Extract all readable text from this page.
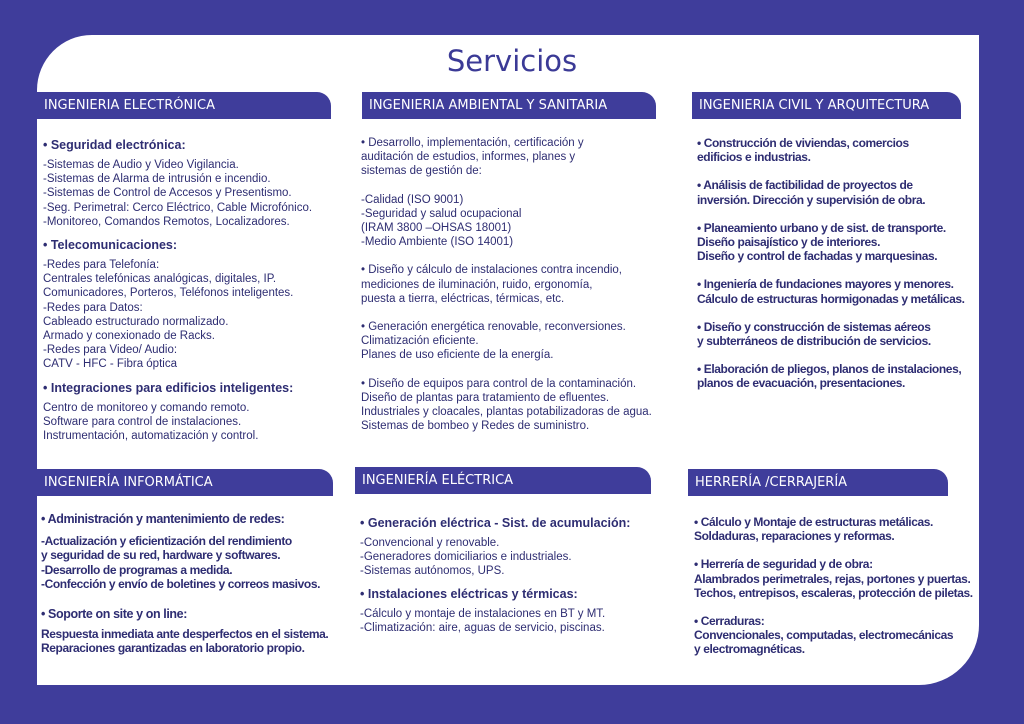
Servicios
INGENIERIA ELECTRÓNICA	INGENIERIA AMBIENTAL Y SANITARIA	INGENIERIA CIVIL Y ARQUITECTURA
INGENIERÍA INFORMÁTICA	INGENIERÍA ELÉCTRICA	HERRERÍA /CERRAJERÍA
• Seguridad electrónica:
-Sistemas de Audio y Video Vigilancia.
-Sistemas de Alarma de intrusión e incendio.
-Sistemas de Control de Accesos y Presentismo.
-Seg. Perimetral: Cerco Eléctrico, Cable Microfónico.
-Monitoreo, Comandos Remotos, Localizadores.
• Telecomunicaciones:
-Redes para Telefonía:
Centrales telefónicas analógicas, digitales, IP.
Comunicadores, Porteros, Teléfonos inteligentes.
-Redes para Datos:
Cableado estructurado normalizado.
Armado y conexionado de Racks.
-Redes para Video/ Audio:
CATV - HFC - Fibra óptica
• Integraciones para edificios inteligentes:
Centro de monitoreo y comando remoto.
Software para control de instalaciones.
Instrumentación, automatización y control.
• Desarrollo, implementación, certificación y
auditación de estudios, informes, planes y
sistemas de gestión de:
-Calidad (ISO 9001)
-Seguridad y salud ocupacional
(IRAM 3800 –OHSAS 18001)
-Medio Ambiente (ISO 14001)
• Diseño y cálculo de instalaciones contra incendio,
mediciones de iluminación, ruido, ergonomía,
puesta a tierra, eléctricas, térmicas, etc.
• Generación energética renovable, reconversiones.
Climatización eficiente.
Planes de uso eficiente de la energía.
• Diseño de equipos para control de la contaminación.
Diseño de plantas para tratamiento de efluentes.
Industriales y cloacales, plantas potabilizadoras de agua.
Sistemas de bombeo y Redes de suministro.
• Construcción de viviendas, comercios
edificios e industrias.
• Análisis de factibilidad de proyectos de
inversión. Dirección y supervisión de obra.
• Planeamiento urbano y de sist. de transporte.
Diseño paisajístico y de interiores.
Diseño y control de fachadas y marquesinas.
• Ingeniería de fundaciones mayores y menores.
Cálculo de estructuras hormigonadas y metálicas.
• Diseño y construcción de sistemas aéreos
y subterráneos de distribución de servicios.
• Elaboración de pliegos, planos de instalaciones,
planos de evacuación, presentaciones.
• Administración y mantenimiento de redes:
-Actualización y eficientización del rendimiento
y seguridad de su red, hardware y softwares.
-Desarrollo de programas a medida.
-Confección y envío de boletines y correos masivos.
• Soporte on site y on line:
Respuesta inmediata ante desperfectos en el sistema.
Reparaciones garantizadas en laboratorio propio.
• Generación eléctrica - Sist. de acumulación:
-Convencional y renovable.
-Generadores domiciliarios e industriales.
-Sistemas autónomos, UPS.
• Instalaciones eléctricas y térmicas:
-Cálculo y montaje de instalaciones en BT y MT.
-Climatización: aire, aguas de servicio, piscinas.
• Cálculo y Montaje de estructuras metálicas.
Soldaduras, reparaciones y reformas.
• Herrería de seguridad y de obra:
Alambrados perimetrales, rejas, portones y puertas.
Techos, entrepisos, escaleras, protección de piletas.
• Cerraduras:
Convencionales, computadas, electromecánicas
y electromagnéticas.
